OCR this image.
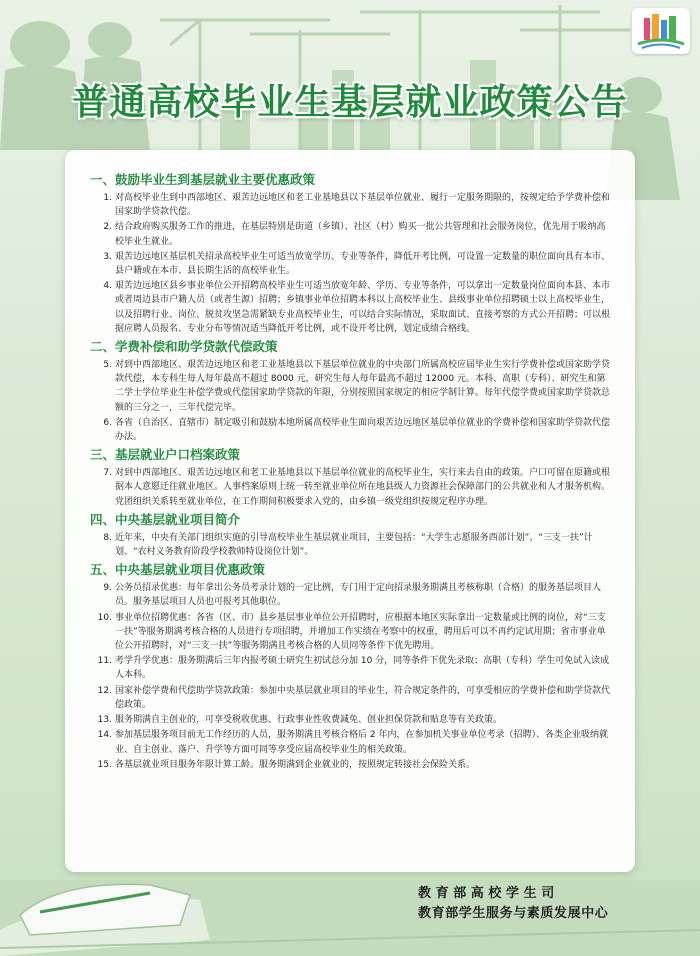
普通高校毕业生基层就业政策公告
一、鼓励毕业生到基层就业主要优惠政策
1. 对高校毕业生到中西部地区、艰苦边远地区和老工业基地县以下基层单位就业、履行一定服务期限的，按规定给予学费补偿和国家助学贷款代偿。
2. 结合政府购买服务工作的推进，在基层特别是街道（乡镇）、社区（村）购买一批公共管理和社会服务岗位，优先用于吸纳高校毕业生就业。
3. 艰苦边远地区基层机关招录高校毕业生可适当放宽学历、专业等条件，降低开考比例，可设置一定数量的职位面向具有本市、县户籍或在本市、县长期生活的高校毕业生。
4. 艰苦边远地区县乡事业单位公开招聘高校毕业生可适当放宽年龄、学历、专业等条件，可以拿出一定数量岗位面向本县、本市或者周边县市户籍人员（或者生源）招聘；乡镇事业单位招聘本科以上高校毕业生、县级事业单位招聘硕士以上高校毕业生，以及招聘行业、岗位、脱贫攻坚急需紧缺专业高校毕业生，可以结合实际情况，采取面试、直接考察的方式公开招聘；可以根据应聘人员报名、专业分布等情况适当降低开考比例，或不设开考比例，划定成绩合格线。
二、学费补偿和助学贷款代偿政策
5. 对到中西部地区、艰苦边远地区和老工业基地县以下基层单位就业的中央部门所属高校应届毕业生实行学费补偿或国家助学贷款代偿，本专科生每人每年最高不超过 8000 元，研究生每人每年最高不超过 12000 元。本科、高职（专科）、研究生和第二学士学位毕业生补偿学费或代偿国家助学贷款的年限，分别按照国家规定的相应学制计算。每年代偿学费或国家助学贷款总额的三分之一，三年代偿完毕。
6. 各省（自治区、直辖市）制定吸引和鼓励本地所属高校毕业生面向艰苦边远地区基层单位就业的学费补偿和国家助学贷款代偿办法。
三、基层就业户口档案政策
7. 对到中西部地区、艰苦边远地区和老工业基地县以下基层单位就业的高校毕业生，实行来去自由的政策。户口可留在原籍或根据本人意愿迁往就业地区。人事档案原则上统一转至就业单位所在地县级人力资源社会保障部门的公共就业和人才服务机构。党团组织关系转至就业单位，在工作期间积极要求入党的，由乡镇一级党组织按规定程序办理。
四、中央基层就业项目简介
8. 近年来，中央有关部门组织实施的引导高校毕业生基层就业项目，主要包括：“大学生志愿服务西部计划”、“三支一扶”计划、“农村义务教育阶段学校教师特设岗位计划”。
五、中央基层就业项目优惠政策
9. 公务员招录优惠：每年拿出公务员考录计划的一定比例，专门用于定向招录服务期满且考核称职（合格）的服务基层项目人员。服务基层项目人员也可报考其他职位。
10. 事业单位招聘优惠：各省（区、市）县乡基层事业单位公开招聘时，应根据本地区实际拿出一定数量或比例的岗位，对“三支一扶”等服务期满考核合格的人员进行专项招聘，并增加工作实绩在考察中的权重，聘用后可以不再约定试用期；省市事业单位公开招聘时，对“三支一扶”等服务期满且考核合格的人员同等条件下优先聘用。
11. 考学升学优惠：服务期满后三年内报考硕士研究生初试总分加 10 分，同等条件下优先录取；高职（专科）学生可免试入读成人本科。
12. 国家补偿学费和代偿助学贷款政策：参加中央基层就业项目的毕业生，符合规定条件的，可享受相应的学费补偿和助学贷款代偿政策。
13. 服务期满自主创业的，可享受税收优惠、行政事业性收费减免、创业担保贷款和贴息等有关政策。
14. 参加基层服务项目前无工作经历的人员，服务期满且考核合格后 2 年内，在参加机关事业单位考录（招聘）、各类企业吸纳就业、自主创业、落户、升学等方面可同等享受应届高校毕业生的相关政策。
15. 各基层就业项目服务年限计算工龄。服务期满到企业就业的，按照规定转接社会保险关系。
教育部高校学生司
教育部学生服务与素质发展中心
